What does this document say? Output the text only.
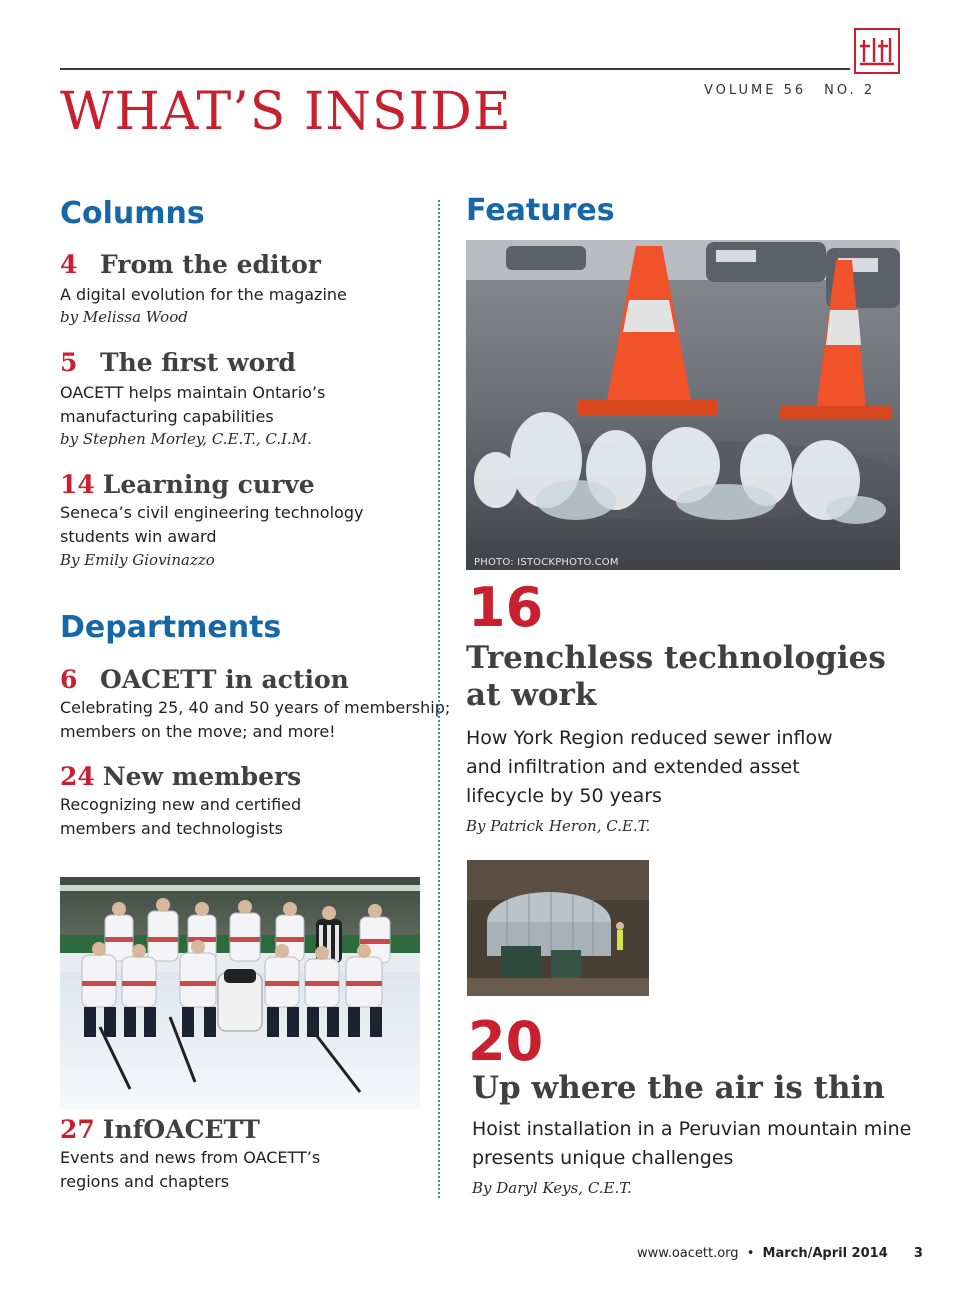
VOLUME 56 NO. 2
WHAT’S INSIDE
Columns
4 From the editor
A digital evolution for the magazine
by Melissa Wood
5 The first word
OACETT helps maintain Ontario’s
manufacturing capabilities
by Stephen Morley, C.E.T., C.I.M.
14 Learning curve
Seneca’s civil engineering technology
students win award
By Emily Giovinazzo
Departments
6 OACETT in action
Celebrating 25, 40 and 50 years of membership;
members on the move; and more!
24 New members
Recognizing new and certified
members and technologists
27 InfOACETT
Events and news from OACETT’s
regions and chapters
Features
PHOTO: ISTOCKPHOTO.COM
16
Trenchless technologies
at work
How York Region reduced sewer inflow
and infiltration and extended asset
lifecycle by 50 years
By Patrick Heron, C.E.T.
20
Up where the air is thin
Hoist installation in a Peruvian mountain mine
presents unique challenges
By Daryl Keys, C.E.T.
www.oacett.org • March/April 2014 3
